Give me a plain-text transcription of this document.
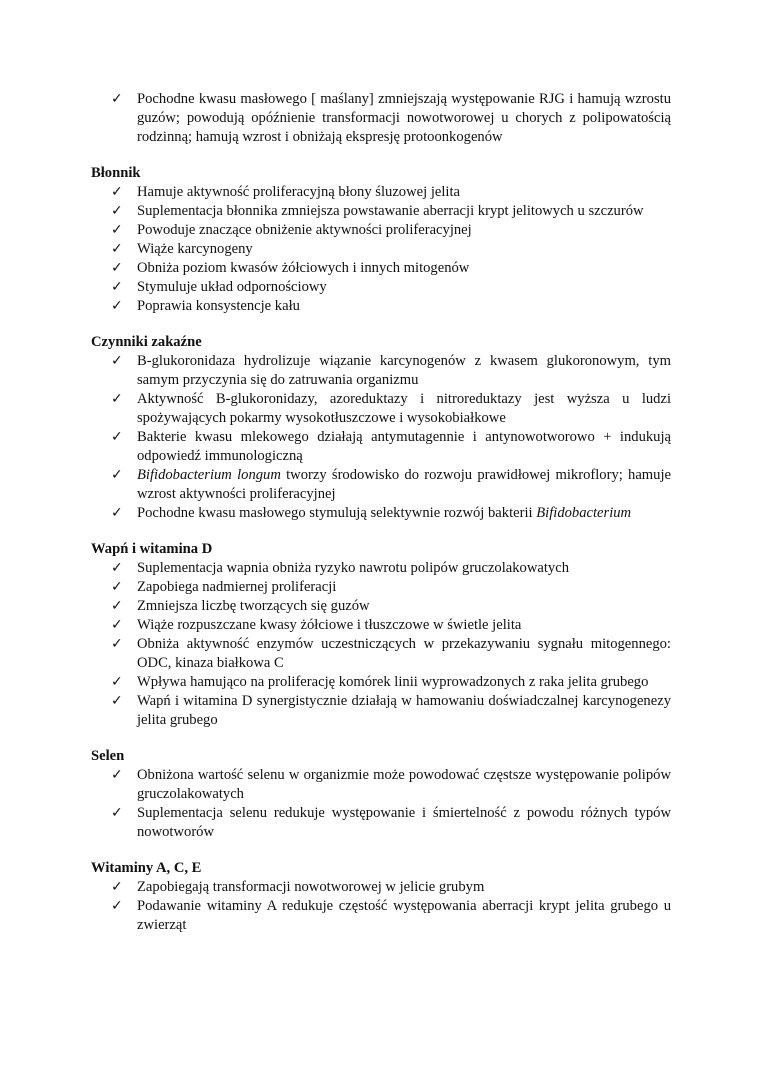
✓ Pochodne kwasu masłowego [ maślany] zmniejszają występowanie RJG i hamują wzrostu guzów; powodują opóźnienie transformacji nowotworowej u chorych z polipowatością rodzinną; hamują wzrost i obniżają ekspresję protoonkogenów

Błonnik

✓ Hamuje aktywność proliferacyjną błony śluzowej jelita
✓ Suplementacja błonnika zmniejsza powstawanie aberracji krypt jelitowych u szczurów
✓ Powoduje znaczące obniżenie aktywności proliferacyjnej
✓ Wiąże karcynogeny
✓ Obniża poziom kwasów żółciowych i innych mitogenów
✓ Stymuluje układ odpornościowy
✓ Poprawia konsystencje kału

Czynniki zakaźne

✓ B-glukoronidaza hydrolizuje wiązanie karcynogenów z kwasem glukoronowym, tym samym przyczynia się do zatruwania organizmu
✓ Aktywność B-glukoronidazy, azoreduktazy i nitroreduktazy jest wyższa u ludzi spożywających pokarmy wysokotłuszczowe i wysokobiałkowe
✓ Bakterie kwasu mlekowego działają antymutagennie i antynowotworowo + indukują odpowiedź immunologiczną
✓ Bifidobacterium longum tworzy środowisko do rozwoju prawidłowej mikroflory; hamuje wzrost aktywności proliferacyjnej
✓ Pochodne kwasu masłowego stymulują selektywnie rozwój bakterii Bifidobacterium

Wapń i witamina D

✓ Suplementacja wapnia obniża ryzyko nawrotu polipów gruczolakowatych
✓ Zapobiega nadmiernej proliferacji
✓ Zmniejsza liczbę tworzących się guzów
✓ Wiąże rozpuszczane kwasy żółciowe i tłuszczowe w świetle jelita
✓ Obniża aktywność enzymów uczestniczących w przekazywaniu sygnału mitogennego: ODC, kinaza białkowa C
✓ Wpływa hamująco na proliferację komórek linii wyprowadzonych z raka jelita grubego
✓ Wapń i witamina D synergistycznie działają w hamowaniu doświadczalnej karcynogenezy jelita grubego

Selen

✓ Obniżona wartość selenu w organizmie może powodować częstsze występowanie polipów gruczolakowatych
✓ Suplementacja selenu redukuje występowanie i śmiertelność z powodu różnych typów nowotworów

Witaminy A, C, E

✓ Zapobiegają transformacji nowotworowej w jelicie grubym
✓ Podawanie witaminy A redukuje częstość występowania aberracji krypt jelita grubego u zwierząt
